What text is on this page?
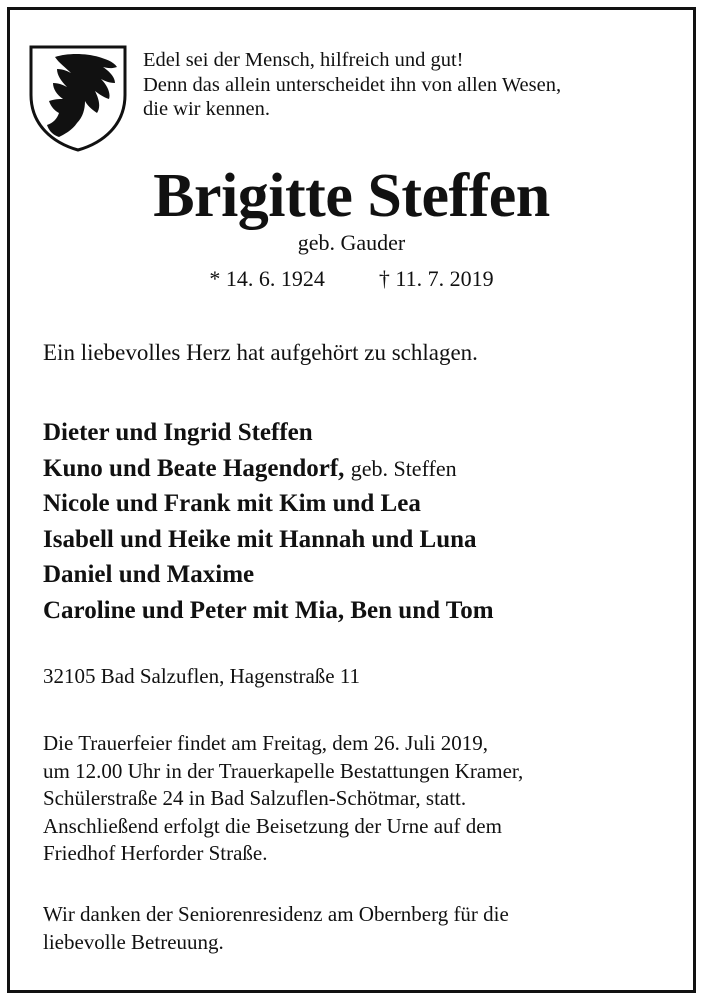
Edel sei der Mensch, hilfreich und gut!
Denn das allein unterscheidet ihn von allen Wesen,
die wir kennen.
Brigitte Steffen
geb. Gauder
* 14. 6. 1924 † 11. 7. 2019
Ein liebevolles Herz hat aufgehört zu schlagen.
Dieter und Ingrid Steffen
Kuno und Beate Hagendorf, geb. Steffen
Nicole und Frank mit Kim und Lea
Isabell und Heike mit Hannah und Luna
Daniel und Maxime
Caroline und Peter mit Mia, Ben und Tom
32105 Bad Salzuflen, Hagenstraße 11
Die Trauerfeier findet am Freitag, dem 26. Juli 2019,
um 12.00 Uhr in der Trauerkapelle Bestattungen Kramer,
Schülerstraße 24 in Bad Salzuflen-Schötmar, statt.
Anschließend erfolgt die Beisetzung der Urne auf dem
Friedhof Herforder Straße.
Wir danken der Seniorenresidenz am Obernberg für die
liebevolle Betreuung.
